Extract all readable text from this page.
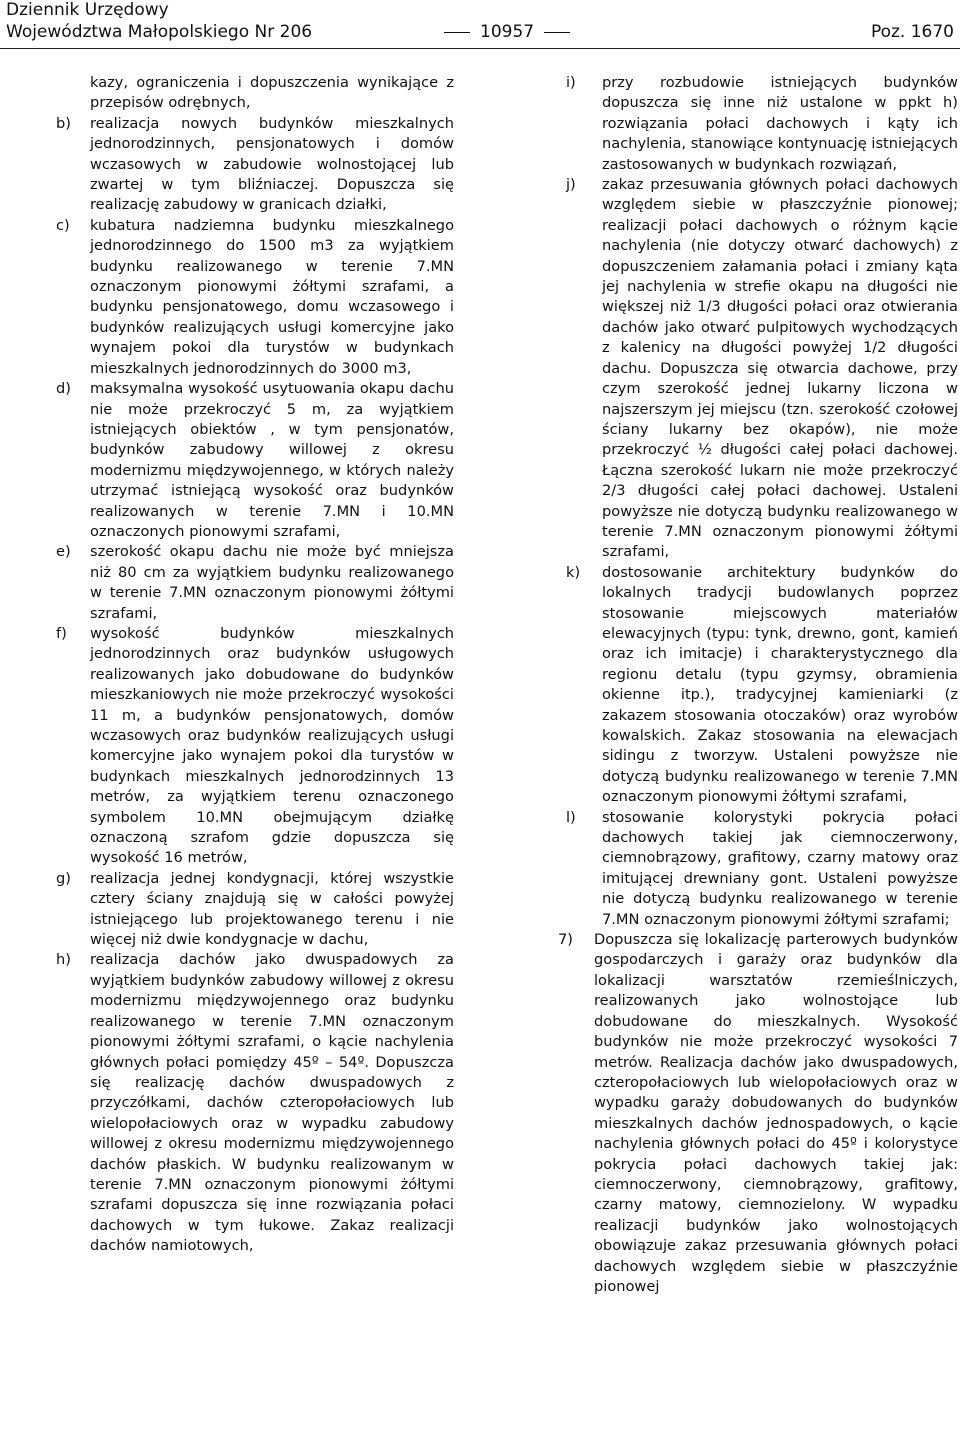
Dziennik Urzędowy
Województwa Małopolskiego Nr 206	10957	Poz. 1670
kazy, ograniczenia i dopuszczenia wynikające z przepisów odrębnych,
b)	realizacja nowych budynków mieszkalnych jednorodzinnych, pensjonatowych i domów wczasowych w zabudowie wolnostojącej lub zwartej w tym bliźniaczej. Dopuszcza się realizację zabudowy w granicach działki,
c)	kubatura nadziemna budynku mieszkalnego jednorodzinnego do 1500 m3 za wyjątkiem budynku realizowanego w terenie 7.MN oznaczonym pionowymi żółtymi szrafami, a budynku pensjonatowego, domu wczasowego i budynków realizujących usługi komercyjne jako wynajem pokoi dla turystów w budynkach mieszkalnych jednorodzinnych do 3000 m3,
d)	maksymalna wysokość usytuowania okapu dachu nie może przekroczyć 5 m, za wyjątkiem istniejących obiektów , w tym pensjonatów, budynków zabudowy willowej z okresu modernizmu międzywojennego, w których należy utrzymać istniejącą wysokość oraz budynków realizowanych w terenie 7.MN i 10.MN oznaczonych pionowymi szrafami,
e)	szerokość okapu dachu nie może być mniejsza niż 80 cm za wyjątkiem budynku realizowanego w terenie 7.MN oznaczonym pionowymi żółtymi szrafami,
f)	wysokość budynków mieszkalnych jednorodzinnych oraz budynków usługowych realizowanych jako dobudowane do budynków mieszkaniowych nie może przekroczyć wysokości 11 m, a budynków pensjonatowych, domów wczasowych oraz budynków realizujących usługi komercyjne jako wynajem pokoi dla turystów w budynkach mieszkalnych jednorodzinnych 13 metrów, za wyjątkiem terenu oznaczonego symbolem 10.MN obejmującym działkę oznaczoną szrafom gdzie dopuszcza się wysokość 16 metrów,
g)	realizacja jednej kondygnacji, której wszystkie cztery ściany znajdują się w całości powyżej istniejącego lub projektowanego terenu i nie więcej niż dwie kondygnacje w dachu,
h)	realizacja dachów jako dwuspadowych za wyjątkiem budynków zabudowy willowej z okresu modernizmu międzywojennego oraz budynku realizowanego w terenie 7.MN oznaczonym pionowymi żółtymi szrafami, o kącie nachylenia głównych połaci pomiędzy 45º – 54º. Dopuszcza się realizację dachów dwuspadowych z przyczółkami, dachów czteropołaciowych lub wielopołaciowych oraz w wypadku zabudowy willowej z okresu modernizmu międzywojennego dachów płaskich. W budynku realizowanym w terenie 7.MN oznaczonym pionowymi żółtymi szrafami dopuszcza się inne rozwiązania połaci dachowych w tym łukowe. Zakaz realizacji dachów namiotowych,
i)	przy rozbudowie istniejących budynków dopuszcza się inne niż ustalone w ppkt h) rozwiązania połaci dachowych i kąty ich nachylenia, stanowiące kontynuację istniejących zastosowanych w budynkach rozwiązań,
j)	zakaz przesuwania głównych połaci dachowych względem siebie w płaszczyźnie pionowej; realizacji połaci dachowych o różnym kącie nachylenia (nie dotyczy otwarć dachowych) z dopuszczeniem załamania połaci i zmiany kąta jej nachylenia w strefie okapu na długości nie większej niż 1/3 długości połaci oraz otwierania dachów jako otwarć pulpitowych wychodzących z kalenicy na długości powyżej 1/2 długości dachu. Dopuszcza się otwarcia dachowe, przy czym szerokość jednej lukarny liczona w najszerszym jej miejscu (tzn. szerokość czołowej ściany lukarny bez okapów), nie może przekroczyć ½ długości całej połaci dachowej. Łączna szerokość lukarn nie może przekroczyć 2/3 długości całej połaci dachowej. Ustaleni powyższe nie dotyczą budynku realizowanego w terenie 7.MN oznaczonym pionowymi żółtymi szrafami,
k)	dostosowanie architektury budynków do lokalnych tradycji budowlanych poprzez stosowanie miejscowych materiałów elewacyjnych (typu: tynk, drewno, gont, kamień oraz ich imitacje) i charakterystycznego dla regionu detalu (typu gzymsy, obramienia okienne itp.), tradycyjnej kamieniarki (z zakazem stosowania otoczaków) oraz wyrobów kowalskich. Zakaz stosowania na elewacjach sidingu z tworzyw. Ustaleni powyższe nie dotyczą budynku realizowanego w terenie 7.MN oznaczonym pionowymi żółtymi szrafami,
l)	stosowanie kolorystyki pokrycia połaci dachowych takiej jak ciemnoczerwony, ciemnobrązowy, grafitowy, czarny matowy oraz imitującej drewniany gont. Ustaleni powyższe nie dotyczą budynku realizowanego w terenie 7.MN oznaczonym pionowymi żółtymi szrafami;
7)	Dopuszcza się lokalizację parterowych budynków gospodarczych i garaży oraz budynków dla lokalizacji warsztatów rzemieślniczych, realizowanych jako wolnostojące lub dobudowane do mieszkalnych. Wysokość budynków nie może przekroczyć wysokości 7 metrów. Realizacja dachów jako dwuspadowych, czteropołaciowych lub wielopołaciowych oraz w wypadku garaży dobudowanych do budynków mieszkalnych dachów jednospadowych, o kącie nachylenia głównych połaci do 45º i kolorystyce pokrycia połaci dachowych takiej jak: ciemnoczerwony, ciemnobrązowy, grafitowy, czarny matowy, ciemnozielony. W wypadku realizacji budynków jako wolnostojących obowiązuje zakaz przesuwania głównych połaci dachowych względem siebie w płaszczyźnie pionowej
